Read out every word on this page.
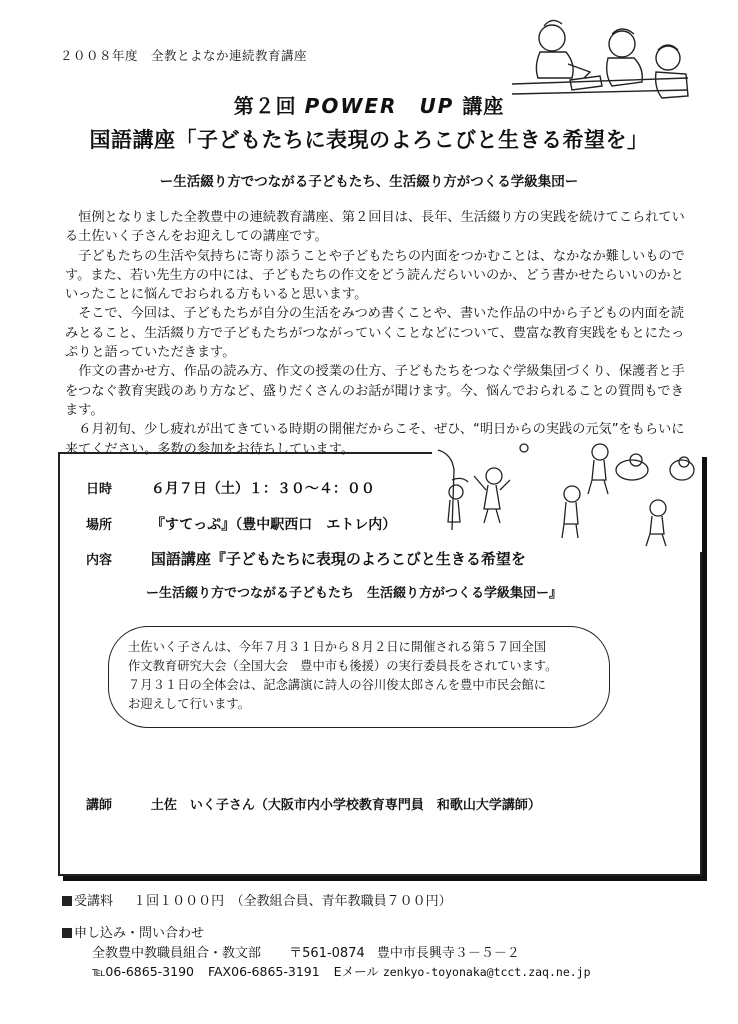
２００８年度　全教とよなか連続教育講座
第２回 POWER　UP 講座
国語講座「子どもたちに表現のよろこびと生きる希望を」
ー生活綴り方でつながる子どもたち、生活綴り方がつくる学級集団ー

恒例となりました全教豊中の連続教育講座、第２回目は、長年、生活綴り方の実践を続けてこられている土佐いく子さんをお迎えしての講座です。

子どもたちの生活や気持ちに寄り添うことや子どもたちの内面をつかむことは、なかなか難しいものです。また、若い先生方の中には、子どもたちの作文をどう読んだらいいのか、どう書かせたらいいのかといったことに悩んでおられる方もいると思います。

そこで、今回は、子どもたちが自分の生活をみつめ書くことや、書いた作品の中から子どもの内面を読みとること、生活綴り方で子どもたちがつながっていくことなどについて、豊富な教育実践をもとにたっぷりと語っていただきます。

作文の書かせ方、作品の読み方、作文の授業の仕方、子どもたちをつなぐ学級集団づくり、保護者と手をつなぐ教育実践のあり方など、盛りだくさんのお話が聞けます。今、悩んでおられることの質問もできます。

６月初旬、少し疲れが出てきている時期の開催だからこそ、ぜひ、“明日からの実践の元気”をもらいに来てください。多数の参加をお待ちしています。

日時	６月７日（土）１：３０～４：００
場所	『すてっぷ』（豊中駅西口　エトレ内）
内容	国語講座『子どもたちに表現のよろこびと生きる希望を
ー生活綴り方でつながる子どもたち　生活綴り方がつくる学級集団ー』
土佐いく子さんは、今年７月３１日から８月２日に開催される第５７回全国
作文教育研究大会（全国大会　豊中市も後援）の実行委員長をされています。
７月３１日の全体会は、記念講演に詩人の谷川俊太郎さんを豊中市民会館に
お迎えして行います。
講師	土佐　いく子さん（大阪市内小学校教育専門員　和歌山大学講師）
受講料 １回１０００円　（全教組合員、青年教職員７００円）
申し込み・問い合わせ
全教豊中教職員組合・教文部 〒561-0874 豊中市長興寺３－５－２
℡06-6865-3190 FAX06-6865-3191 Eメール zenkyo-toyonaka@tcct.zaq.ne.jp
